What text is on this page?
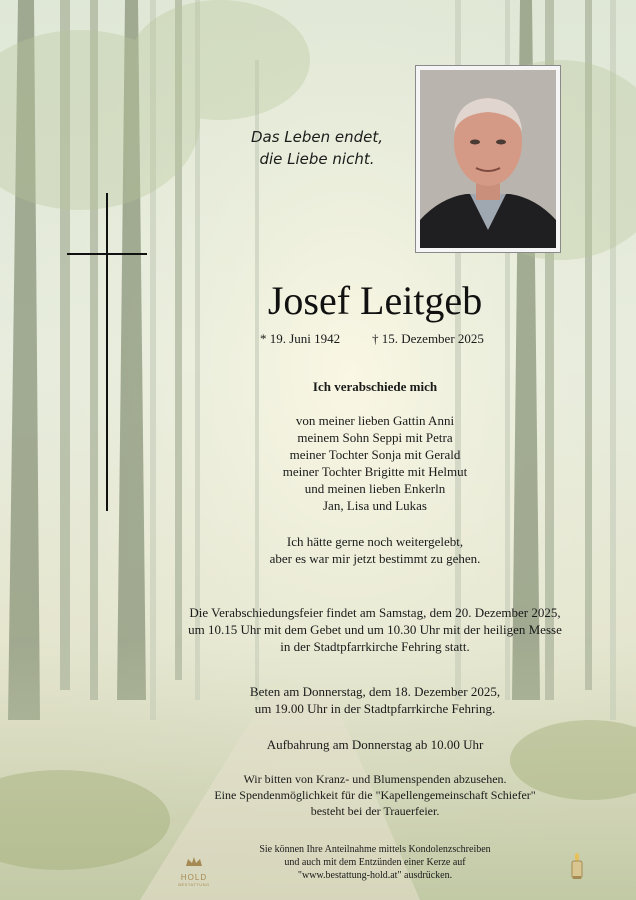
Das Leben endet,
die Liebe nicht.
Josef Leitgeb
* 19. Juni 1942 † 15. Dezember 2025
Ich verabschiede mich
von meiner lieben Gattin Anni
meinem Sohn Seppi mit Petra
meiner Tochter Sonja mit Gerald
meiner Tochter Brigitte mit Helmut
und meinen lieben Enkerln
Jan, Lisa und Lukas
Ich hätte gerne noch weitergelebt,
aber es war mir jetzt bestimmt zu gehen.
Die Verabschiedungsfeier findet am Samstag, dem 20. Dezember 2025,
um 10.15 Uhr mit dem Gebet und um 10.30 Uhr mit der heiligen Messe
in der Stadtpfarrkirche Fehring statt.
Beten am Donnerstag, dem 18. Dezember 2025,
um 19.00 Uhr in der Stadtpfarrkirche Fehring.
Aufbahrung am Donnerstag ab 10.00 Uhr
Wir bitten von Kranz- und Blumenspenden abzusehen.
Eine Spendenmöglichkeit für die "Kapellengemeinschaft Schiefer"
besteht bei der Trauerfeier.
Sie können Ihre Anteilnahme mittels Kondolenzschreiben
und auch mit dem Entzünden einer Kerze auf
"www.bestattung-hold.at" ausdrücken.
HOLD
BESTATTUNG
